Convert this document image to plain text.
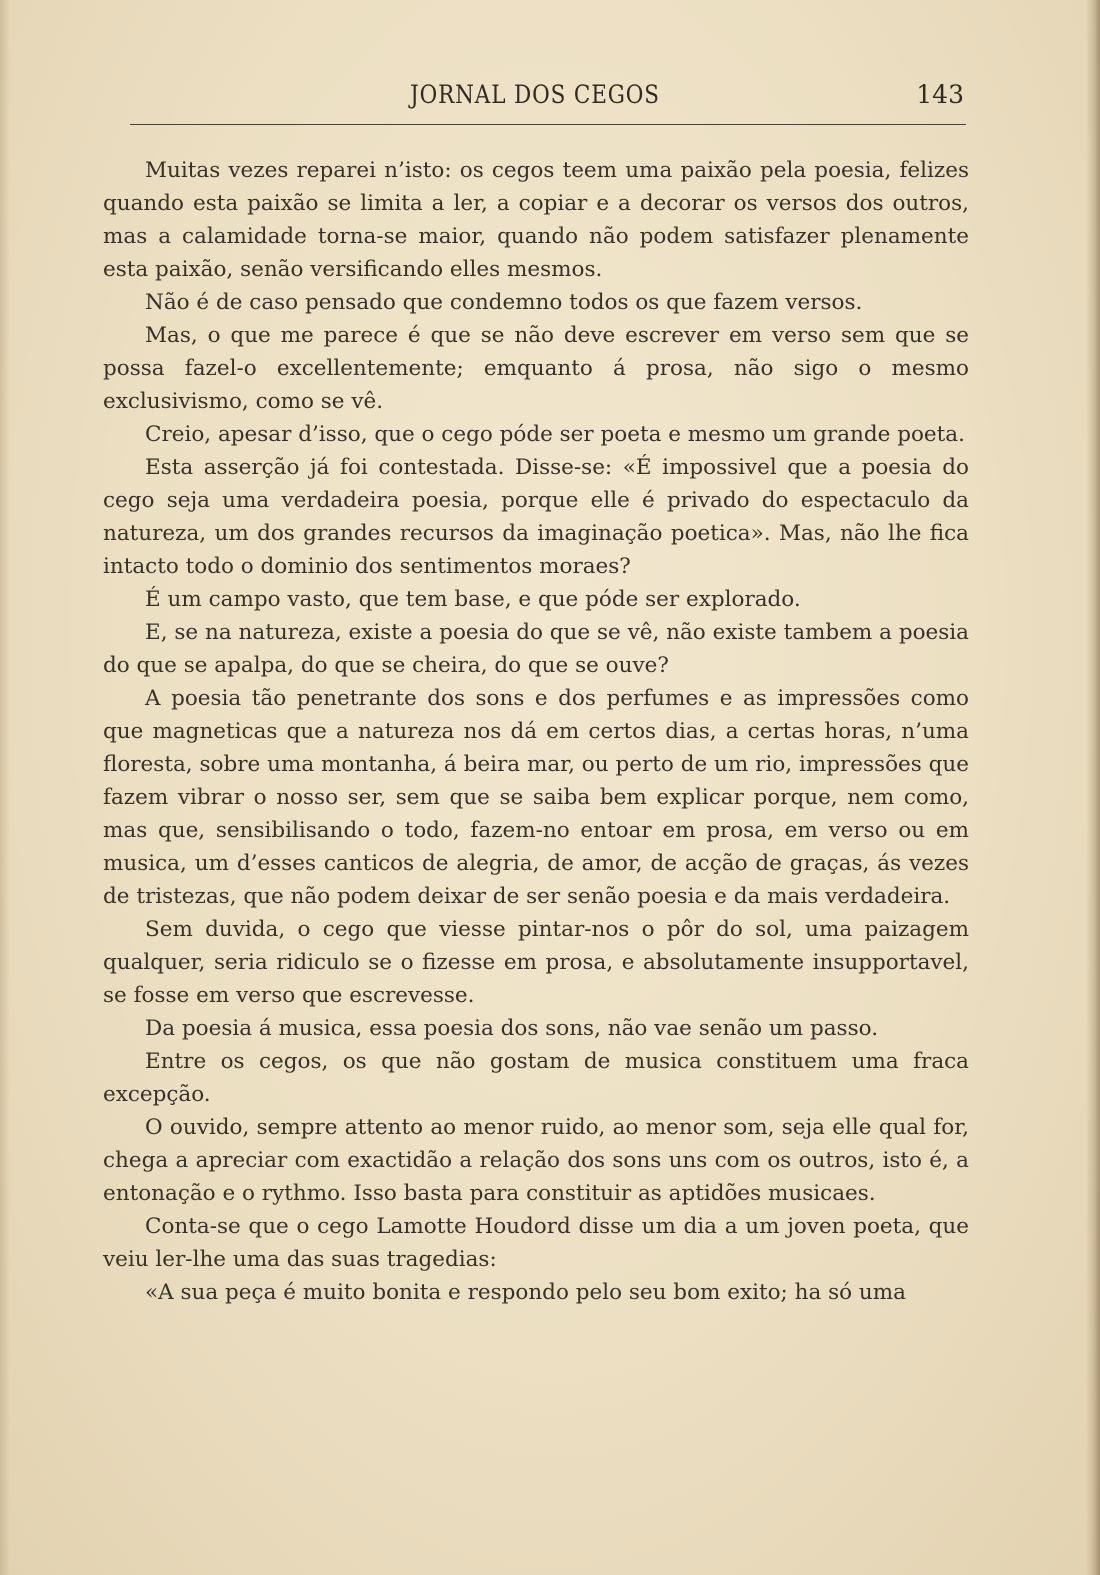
JORNAL DOS CEGOS	143

Muitas vezes reparei n’isto: os cegos teem uma paixão pela poesia, felizes quando esta paixão se limita a ler, a copiar e a decorar os versos dos outros, mas a calamidade torna-se maior, quando não podem satisfazer plenamente esta paixão, senão versificando elles mesmos.

Não é de caso pensado que condemno todos os que fazem versos.

Mas, o que me parece é que se não deve escrever em verso sem que se possa fazel-o excellentemente; emquanto á prosa, não sigo o mesmo exclusivismo, como se vê.

Creio, apesar d’isso, que o cego póde ser poeta e mesmo um grande poeta.

Esta asserção já foi contestada. Disse-se: «É impossivel que a poesia do cego seja uma verdadeira poesia, porque elle é privado do espectaculo da natureza, um dos grandes recursos da imaginação poetica». Mas, não lhe fica intacto todo o dominio dos sentimentos moraes?

É um campo vasto, que tem base, e que póde ser explorado.

E, se na natureza, existe a poesia do que se vê, não existe tambem a poesia do que se apalpa, do que se cheira, do que se ouve?

A poesia tão penetrante dos sons e dos perfumes e as impressões como que magneticas que a natureza nos dá em certos dias, a certas horas, n’uma floresta, sobre uma montanha, á beira mar, ou perto de um rio, impressões que fazem vibrar o nosso ser, sem que se saiba bem explicar porque, nem como, mas que, sensibilisando o todo, fazem-no entoar em prosa, em verso ou em musica, um d’esses canticos de alegria, de amor, de acção de graças, ás vezes de tristezas, que não podem deixar de ser senão poesia e da mais verdadeira.

Sem duvida, o cego que viesse pintar-nos o pôr do sol, uma paizagem qualquer, seria ridiculo se o fizesse em prosa, e absolutamente insupportavel, se fosse em verso que escrevesse.

Da poesia á musica, essa poesia dos sons, não vae senão um passo.

Entre os cegos, os que não gostam de musica constituem uma fraca excepção.

O ouvido, sempre attento ao menor ruido, ao menor som, seja elle qual for, chega a apreciar com exactidão a relação dos sons uns com os outros, isto é, a entonação e o rythmo. Isso basta para constituir as aptidões musicaes.

Conta-se que o cego Lamotte Houdord disse um dia a um joven poeta, que veiu ler-lhe uma das suas tragedias:

«A sua peça é muito bonita e respondo pelo seu bom exito; ha só uma
